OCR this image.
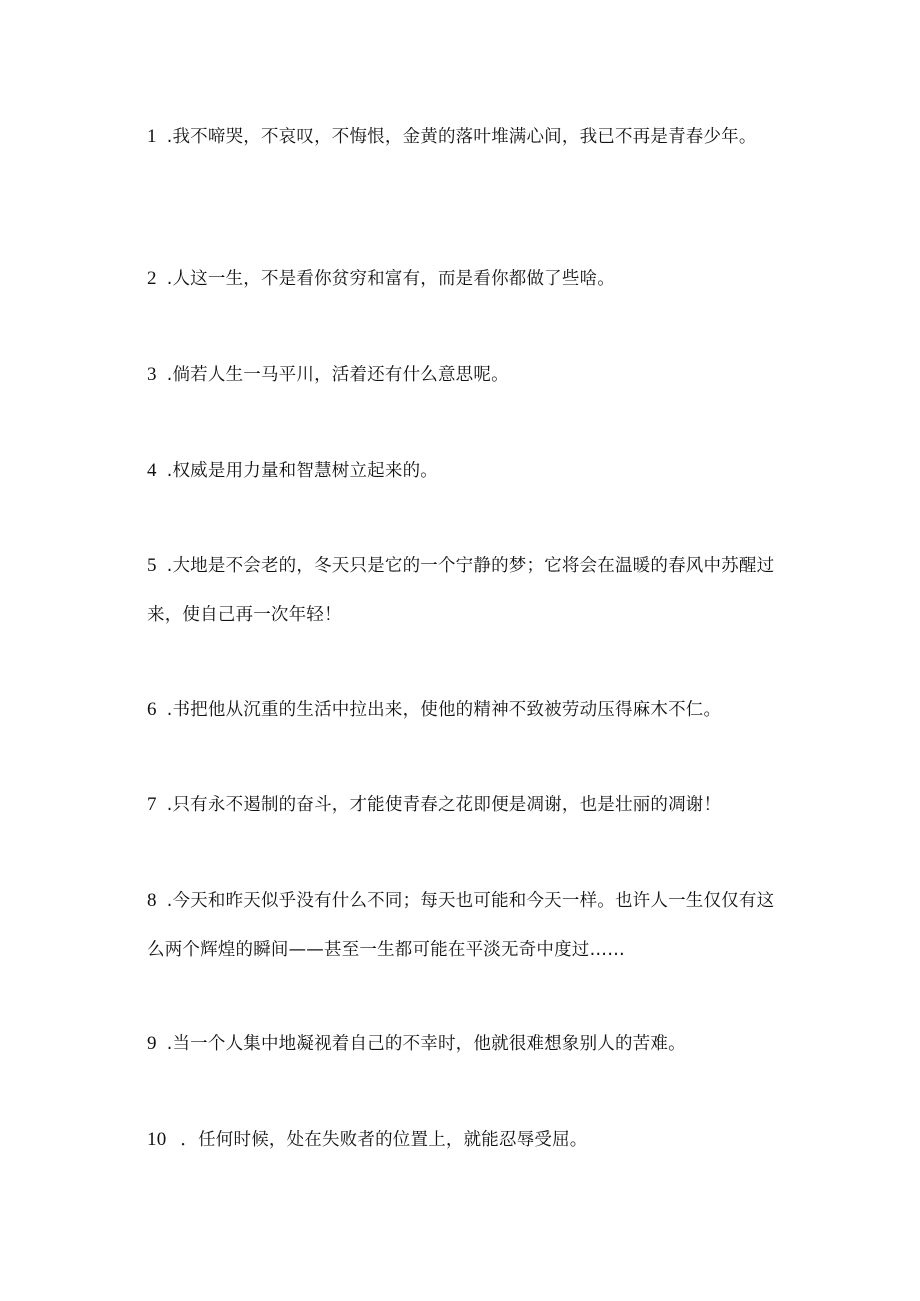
1 .我不啼哭，不哀叹，不悔恨，金黄的落叶堆满心间，我已不再是青春少年。
2 .人这一生，不是看你贫穷和富有，而是看你都做了些啥。
3 .倘若人生一马平川，活着还有什么意思呢。
4 .权威是用力量和智慧树立起来的。
5 .大地是不会老的，冬天只是它的一个宁静的梦；它将会在温暖的春风中苏醒过来，使自己再一次年轻！
6 .书把他从沉重的生活中拉出来，使他的精神不致被劳动压得麻木不仁。
7 .只有永不遏制的奋斗，才能使青春之花即便是凋谢，也是壮丽的凋谢！
8 .今天和昨天似乎没有什么不同；每天也可能和今天一样。也许人一生仅仅有这么两个辉煌的瞬间——甚至一生都可能在平淡无奇中度过……
9 .当一个人集中地凝视着自己的不幸时，他就很难想象别人的苦难。
10 ．任何时候，处在失败者的位置上，就能忍辱受屈。
